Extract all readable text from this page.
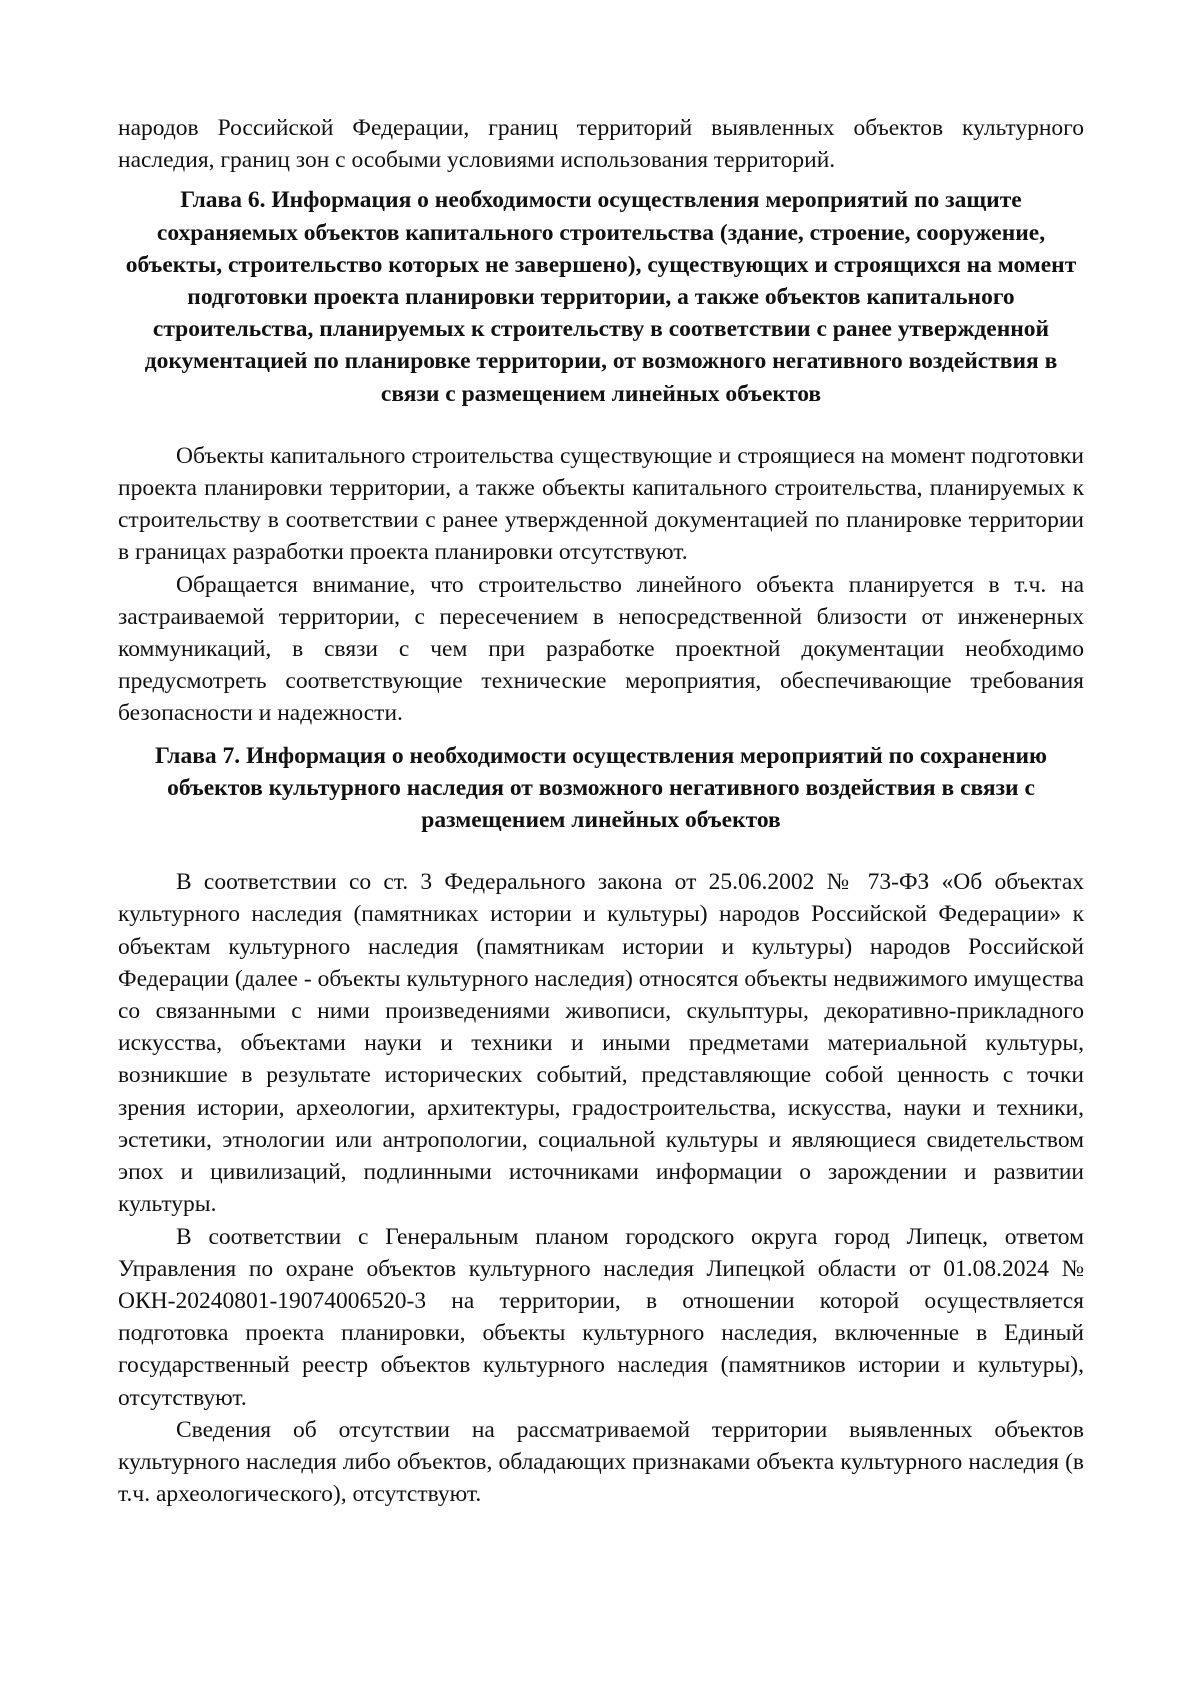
народов Российской Федерации, границ территорий выявленных объектов культурного наследия, границ зон с особыми условиями использования территорий.

Глава 6. Информация о необходимости осуществления мероприятий по защите сохраняемых объектов капитального строительства (здание, строение, сооружение, объекты, строительство которых не завершено), существующих и строящихся на момент подготовки проекта планировки территории, а также объектов капитального строительства, планируемых к строительству в соответствии с ранее утвержденной документацией по планировке территории, от возможного негативного воздействия в связи с размещением линейных объектов

Объекты капитального строительства существующие и строящиеся на момент подготовки проекта планировки территории, а также объекты капитального строительства, планируемых к строительству в соответствии с ранее утвержденной документацией по планировке территории в границах разработки проекта планировки отсутствуют.

Обращается внимание, что строительство линейного объекта планируется в т.ч. на застраиваемой территории, с пересечением в непосредственной близости от инженерных коммуникаций, в связи с чем при разработке проектной документации необходимо предусмотреть соответствующие технические мероприятия, обеспечивающие требования безопасности и надежности.

Глава 7. Информация о необходимости осуществления мероприятий по сохранению объектов культурного наследия от возможного негативного воздействия в связи с размещением линейных объектов

В соответствии со ст. 3 Федерального закона от 25.06.2002 № 73-ФЗ «Об объектах культурного наследия (памятниках истории и культуры) народов Российской Федерации» к объектам культурного наследия (памятникам истории и культуры) народов Российской Федерации (далее - объекты культурного наследия) относятся объекты недвижимого имущества со связанными с ними произведениями живописи, скульптуры, декоративно-прикладного искусства, объектами науки и техники и иными предметами материальной культуры, возникшие в результате исторических событий, представляющие собой ценность с точки зрения истории, археологии, архитектуры, градостроительства, искусства, науки и техники, эстетики, этнологии или антропологии, социальной культуры и являющиеся свидетельством эпох и цивилизаций, подлинными источниками информации о зарождении и развитии культуры.

В соответствии с Генеральным планом городского округа город Липецк, ответом Управления по охране объектов культурного наследия Липецкой области от 01.08.2024 № ОКН-20240801-19074006520-3 на территории, в отношении которой осуществляется подготовка проекта планировки, объекты культурного наследия, включенные в Единый государственный реестр объектов культурного наследия (памятников истории и культуры), отсутствуют.

Сведения об отсутствии на рассматриваемой территории выявленных объектов культурного наследия либо объектов, обладающих признаками объекта культурного наследия (в т.ч. археологического), отсутствуют.
